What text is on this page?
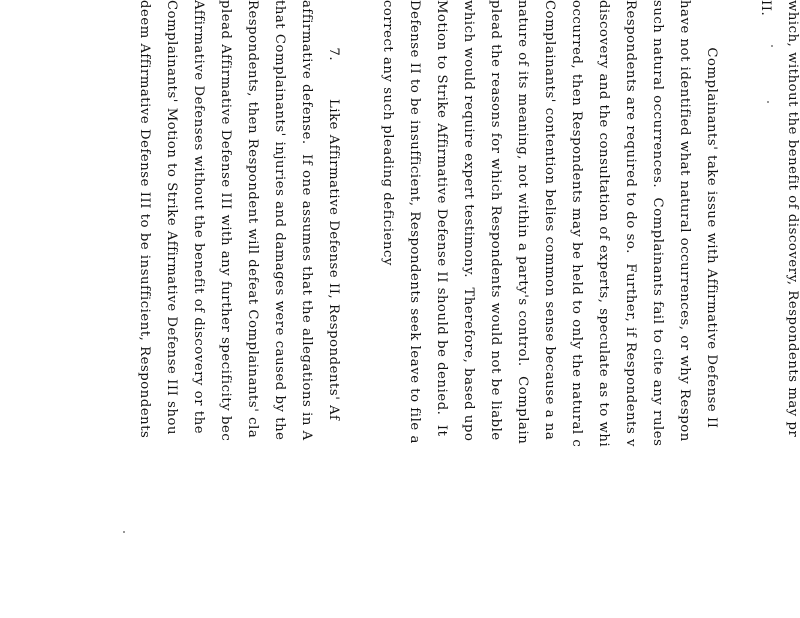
which, without the benefit of discovery, Respondents may pr
II.
Complainants' take issue with Affirmative Defense II
have not identified what natural occurrences, or why Respon
such natural occurrences.  Complainants fail to cite any rules
Respondents are required to do so.  Further, if Respondents v
discovery and the consultation of experts, speculate as to whi
occurred, then Respondents may be held to only the natural c
Complainants' contention belies common sense because a na
nature of its meaning, not within a party's control.  Complain
plead the reasons for which Respondents would not be liable
which would require expert testimony.  Therefore, based upo
Motion to Strike Affirmative Defense II should be denied.  It
Defense II to be insufficient, Respondents seek leave to file a
correct any such pleading deficiency
7.        Like Affirmative Defense II, Respondents' Af
affirmative defense.  If one assumes that the allegations in A
that Complainants' injuries and damages were caused by the
Respondents, then Respondent will defeat Complainants' cla
plead Affirmative Defense III with any further specificity bec
Affirmative Defenses without the benefit of discovery or the
Complainants' Motion to Strike Affirmative Defense III shou
deem Affirmative Defense III to be insufficient, Respondents
